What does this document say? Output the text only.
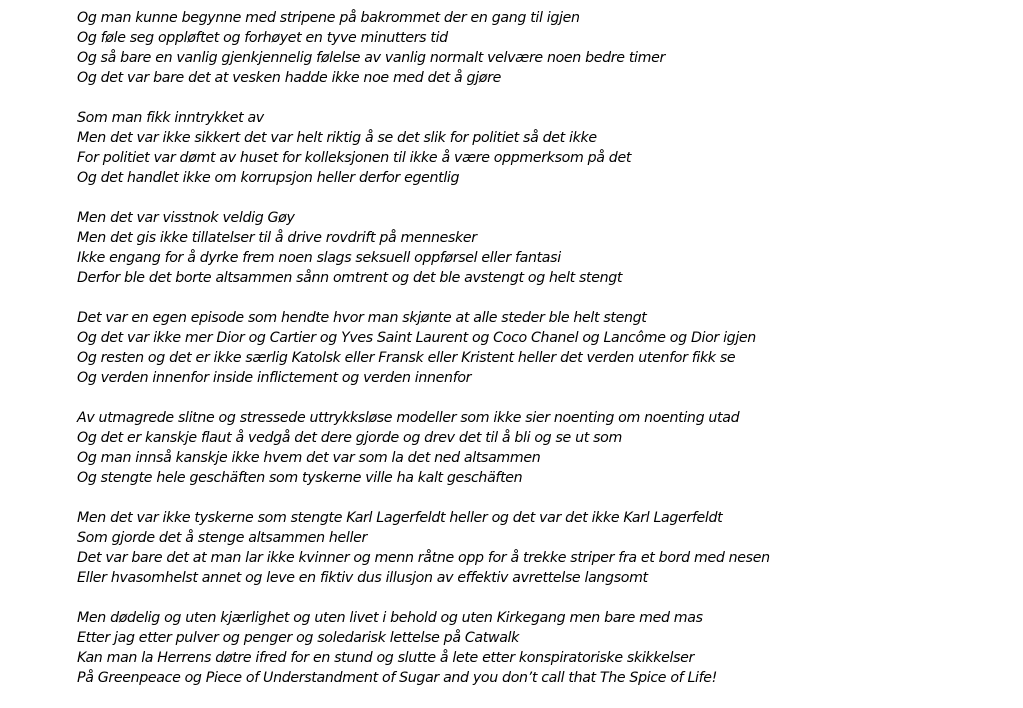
Og man kunne begynne med stripene på bakrommet der en gang til igjen
Og føle seg oppløftet og forhøyet en tyve minutters tid
Og så bare en vanlig gjenkjennelig følelse av vanlig normalt velvære noen bedre timer
Og det var bare det at vesken hadde ikke noe med det å gjøre
Som man fikk inntrykket av
Men det var ikke sikkert det var helt riktig å se det slik for politiet så det ikke
For politiet var dømt av huset for kolleksjonen til ikke å være oppmerksom på det
Og det handlet ikke om korrupsjon heller derfor egentlig
Men det var visstnok veldig Gøy
Men det gis ikke tillatelser til å drive rovdrift på mennesker
Ikke engang for å dyrke frem noen slags seksuell oppførsel eller fantasi
Derfor ble det borte altsammen sånn omtrent og det ble avstengt og helt stengt
Det var en egen episode som hendte hvor man skjønte at alle steder ble helt stengt
Og det var ikke mer Dior og Cartier og Yves Saint Laurent og Coco Chanel og Lancôme og Dior igjen
Og resten og det er ikke særlig Katolsk eller Fransk eller Kristent heller det verden utenfor fikk se
Og verden innenfor inside inflictement og verden innenfor
Av utmagrede slitne og stressede uttrykksløse modeller som ikke sier noenting om noenting utad
Og det er kanskje flaut å vedgå det dere gjorde og drev det til å bli og se ut som
Og man innså kanskje ikke hvem det var som la det ned altsammen
Og stengte hele geschäften som tyskerne ville ha kalt geschäften
Men det var ikke tyskerne som stengte Karl Lagerfeldt heller og det var det ikke Karl Lagerfeldt
Som gjorde det å stenge altsammen heller
Det var bare det at man lar ikke kvinner og menn råtne opp for å trekke striper fra et bord med nesen
Eller hvasomhelst annet og leve en fiktiv dus illusjon av effektiv avrettelse langsomt
Men dødelig og uten kjærlighet og uten livet i behold og uten Kirkegang men bare med mas
Etter jag etter pulver og penger og soledarisk lettelse på Catwalk
Kan man la Herrens døtre ifred for en stund og slutte å lete etter konspiratoriske skikkelser
På Greenpeace og Piece of Understandment of Sugar and you don’t call that The Spice of Life!
